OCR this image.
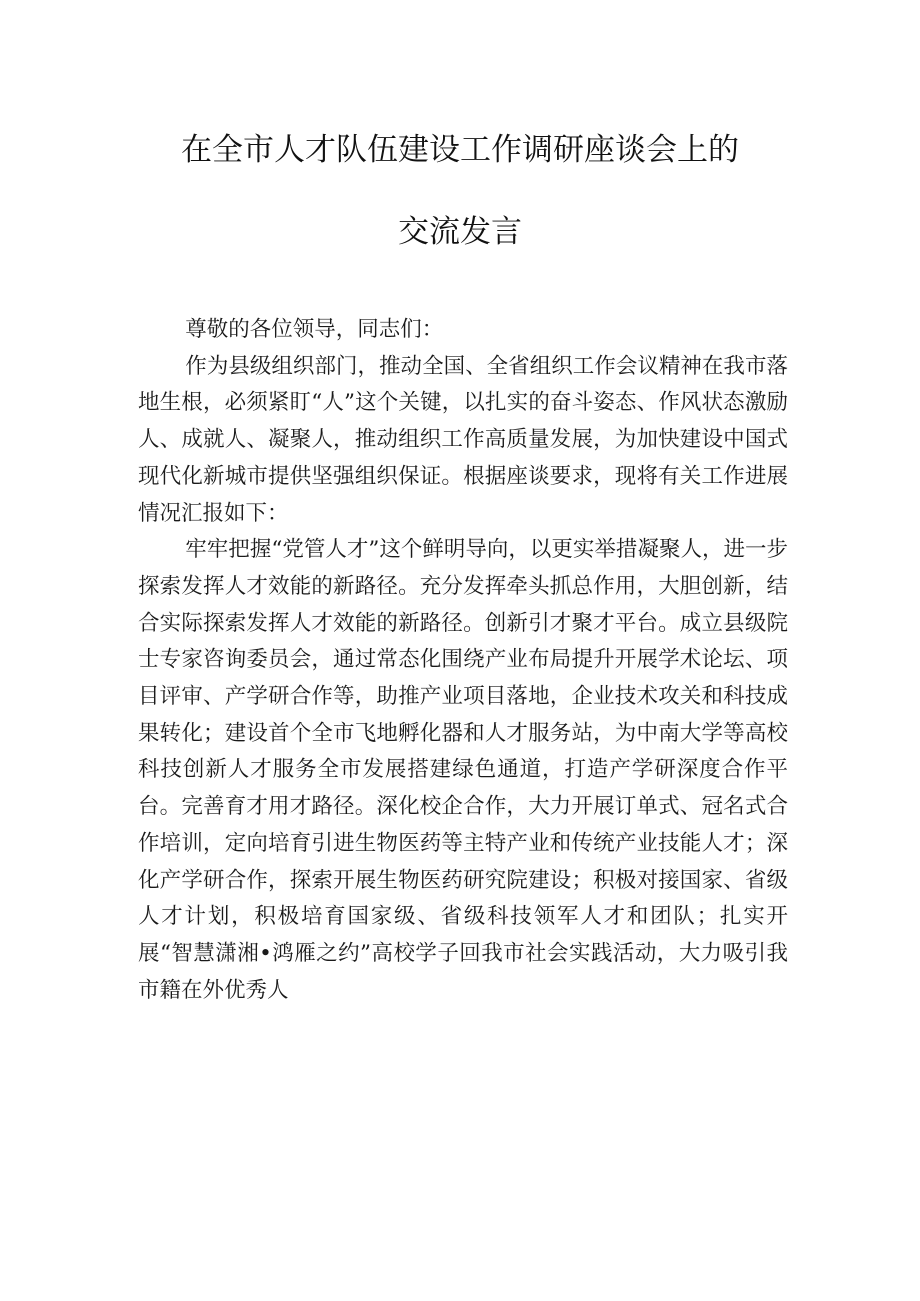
在全市人才队伍建设工作调研座谈会上的
交流发言

尊敬的各位领导，同志们：

作为县级组织部门，推动全国、全省组织工作会议精神在我市落地生根，必须紧盯“人”这个关键，以扎实的奋斗姿态、作风状态激励人、成就人、凝聚人，推动组织工作高质量发展，为加快建设中国式现代化新城市提供坚强组织保证。根据座谈要求，现将有关工作进展情况汇报如下：

牢牢把握“党管人才”这个鲜明导向，以更实举措凝聚人，进一步探索发挥人才效能的新路径。充分发挥牵头抓总作用，大胆创新，结合实际探索发挥人才效能的新路径。创新引才聚才平台。成立县级院士专家咨询委员会，通过常态化围绕产业布局提升开展学术论坛、项目评审、产学研合作等，助推产业项目落地，企业技术攻关和科技成果转化；建设首个全市飞地孵化器和人才服务站，为中南大学等高校科技创新人才服务全市发展搭建绿色通道，打造产学研深度合作平台。完善育才用才路径。深化校企合作，大力开展订单式、冠名式合作培训，定向培育引进生物医药等主特产业和传统产业技能人才；深化产学研合作，探索开展生物医药研究院建设；积极对接国家、省级人才计划，积极培育国家级、省级科技领军人才和团队；扎实开展“智慧潇湘•鸿雁之约”高校学子回我市社会实践活动，大力吸引我市籍在外优秀人
